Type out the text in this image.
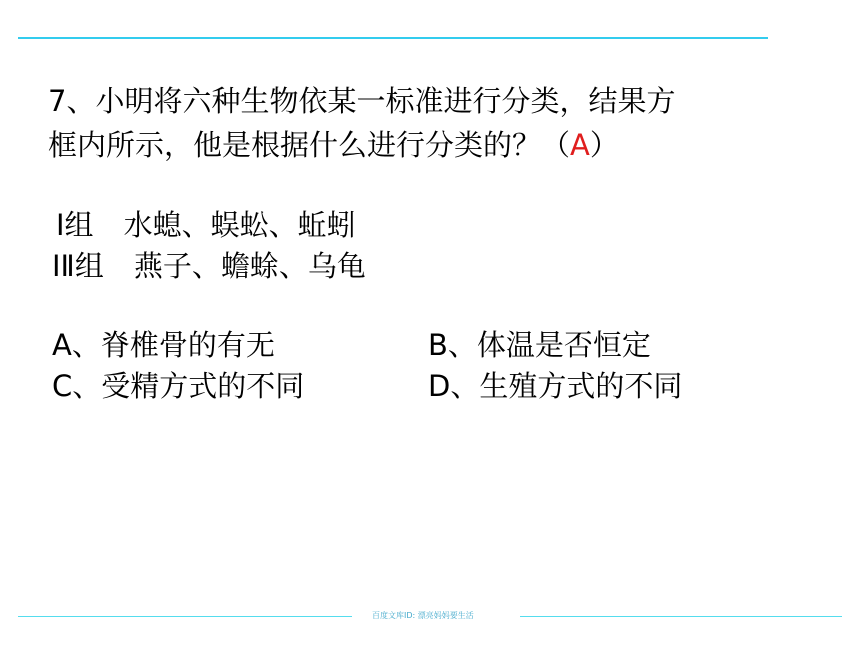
7、小明将六种生物依某一标准进行分类，结果方
框内所示，他是根据什么进行分类的？（A）
I组 水螅、蜈蚣、蚯蚓
IⅡ组 燕子、蟾蜍、乌龟
A、脊椎骨的有无	B、体温是否恒定
C、受精方式的不同	D、生殖方式的不同
百度文库ID: 漂亮妈妈要生活
